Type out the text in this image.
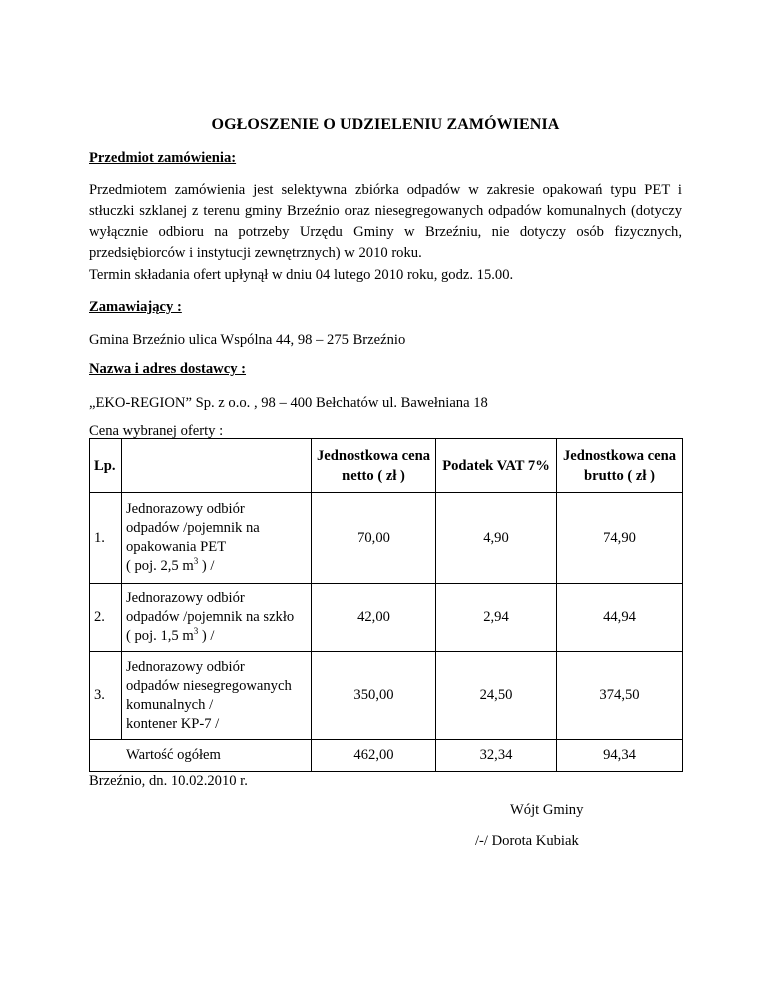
OGŁOSZENIE O UDZIELENIU ZAMÓWIENIA
Przedmiot zamówienia:
Przedmiotem zamówienia jest selektywna zbiórka odpadów w zakresie opakowań typu PET i stłuczki szklanej z terenu gminy Brzeźnio oraz niesegregowanych odpadów komunalnych (dotyczy wyłącznie odbioru na potrzeby Urzędu Gminy w Brzeźniu, nie dotyczy osób fizycznych, przedsiębiorców i instytucji zewnętrznych) w 2010 roku.
Termin składania ofert upłynął w dniu 04 lutego 2010 roku, godz. 15.00.
Zamawiający :
Gmina Brzeźnio ulica Wspólna 44, 98 – 275 Brzeźnio
Nazwa i adres dostawcy :
„EKO-REGION” Sp. z o.o. , 98 – 400 Bełchatów ul. Bawełniana 18
Cena wybranej oferty :
Lp.		Jednostkowa cena netto ( zł )	Podatek VAT 7%	Jednostkowa cena brutto ( zł )
1.	Jednorazowy odbiór
odpadów /pojemnik na
opakowania PET
( poj. 2,5 $m^3$ ) /	70,00	4,90	74,90
2.	Jednorazowy odbiór
odpadów /pojemnik na szkło
( poj. 1,5 $m^3$ ) /	42,00	2,94	44,94
3.	Jednorazowy odbiór
odpadów niesegregowanych
komunalnych /
kontener KP-7 /	350,00	24,50	374,50
Wartość ogółem		462,00	32,34	94,34
Brzeźnio, dn. 10.02.2010 r.
Wójt Gminy
/-/ Dorota Kubiak
